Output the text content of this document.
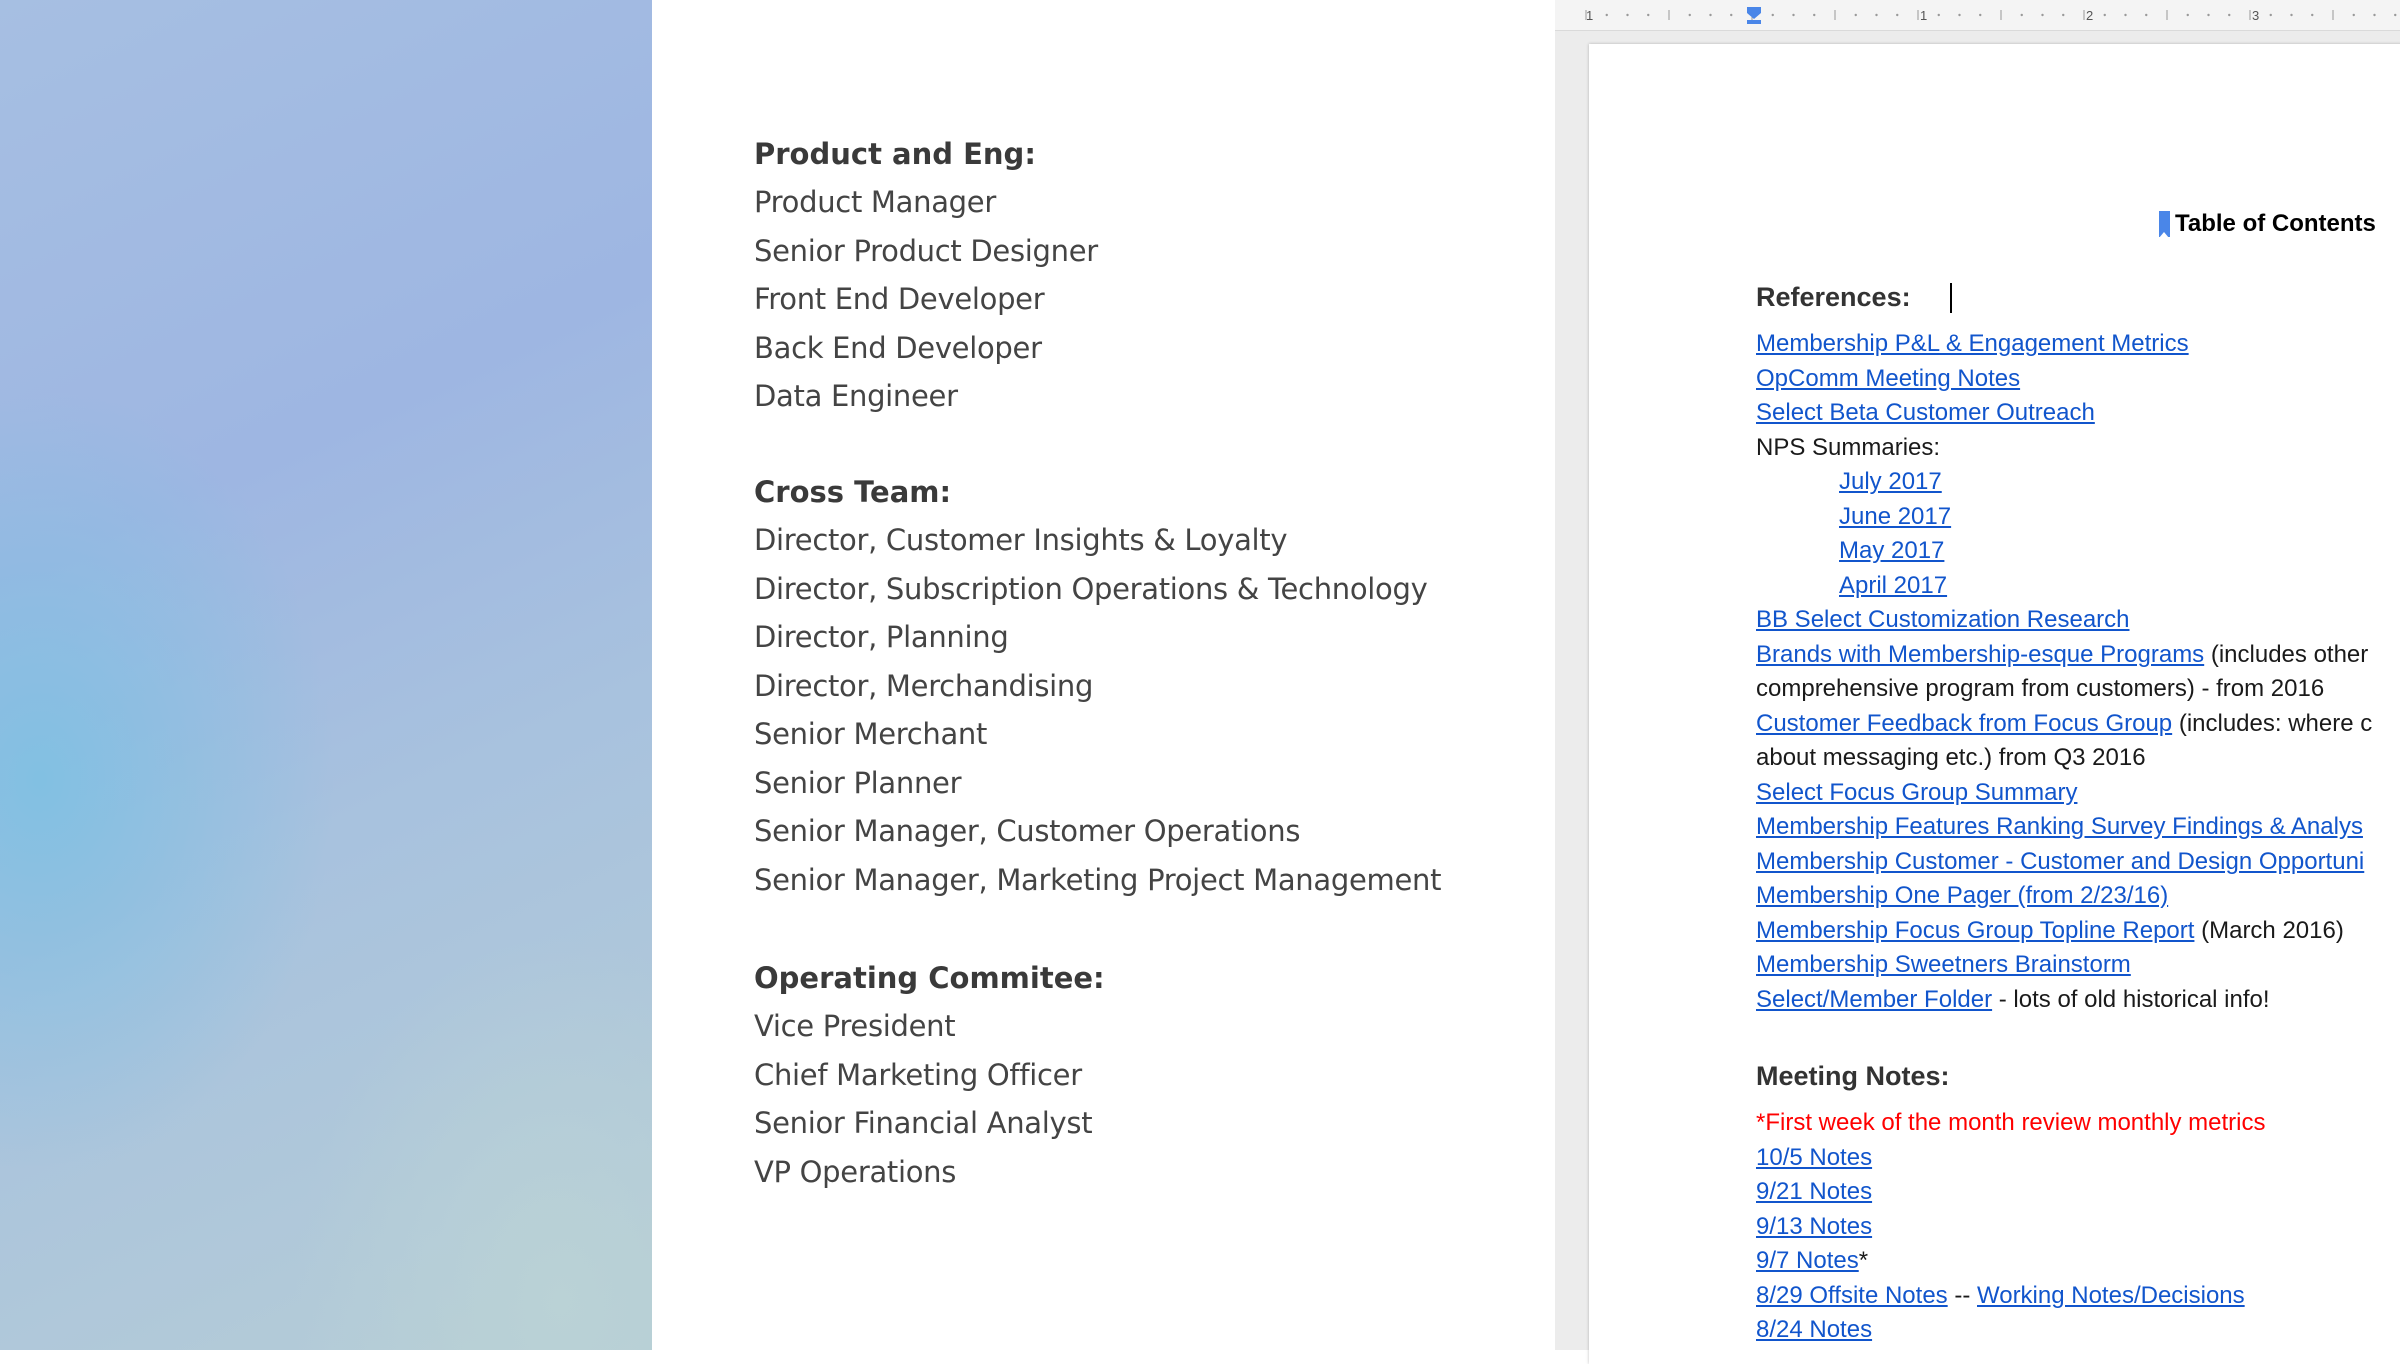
Product and Eng:
Product Manager
Senior Product Designer
Front End Developer
Back End Developer
Data Engineer
Cross Team:
Director, Customer Insights & Loyalty
Director, Subscription Operations & Technology
Director, Planning
Director, Merchandising
Senior Merchant
Senior Planner
Senior Manager, Customer Operations
Senior Manager, Marketing Project Management
Operating Commitee:
Vice President
Chief Marketing Officer
Senior Financial Analyst
VP Operations
1	1	2	3
Table of Contents
References:
Membership P&L & Engagement Metrics
OpComm Meeting Notes
Select Beta Customer Outreach
NPS Summaries:
July 2017
June 2017
May 2017
April 2017
BB Select Customization Research
Brands with Membership-esque Programs (includes other
comprehensive program from customers) - from 2016
Customer Feedback from Focus Group (includes: where c
about messaging etc.) from Q3 2016
Select Focus Group Summary
Membership Features Ranking Survey Findings & Analys
Membership Customer - Customer and Design Opportuni
Membership One Pager (from 2/23/16)
Membership Focus Group Topline Report (March 2016)
Membership Sweetners Brainstorm
Select/Member Folder - lots of old historical info!
Meeting Notes:
*First week of the month review monthly metrics
10/5 Notes
9/21 Notes
9/13 Notes
9/7 Notes*
8/29 Offsite Notes -- Working Notes/Decisions
8/24 Notes
